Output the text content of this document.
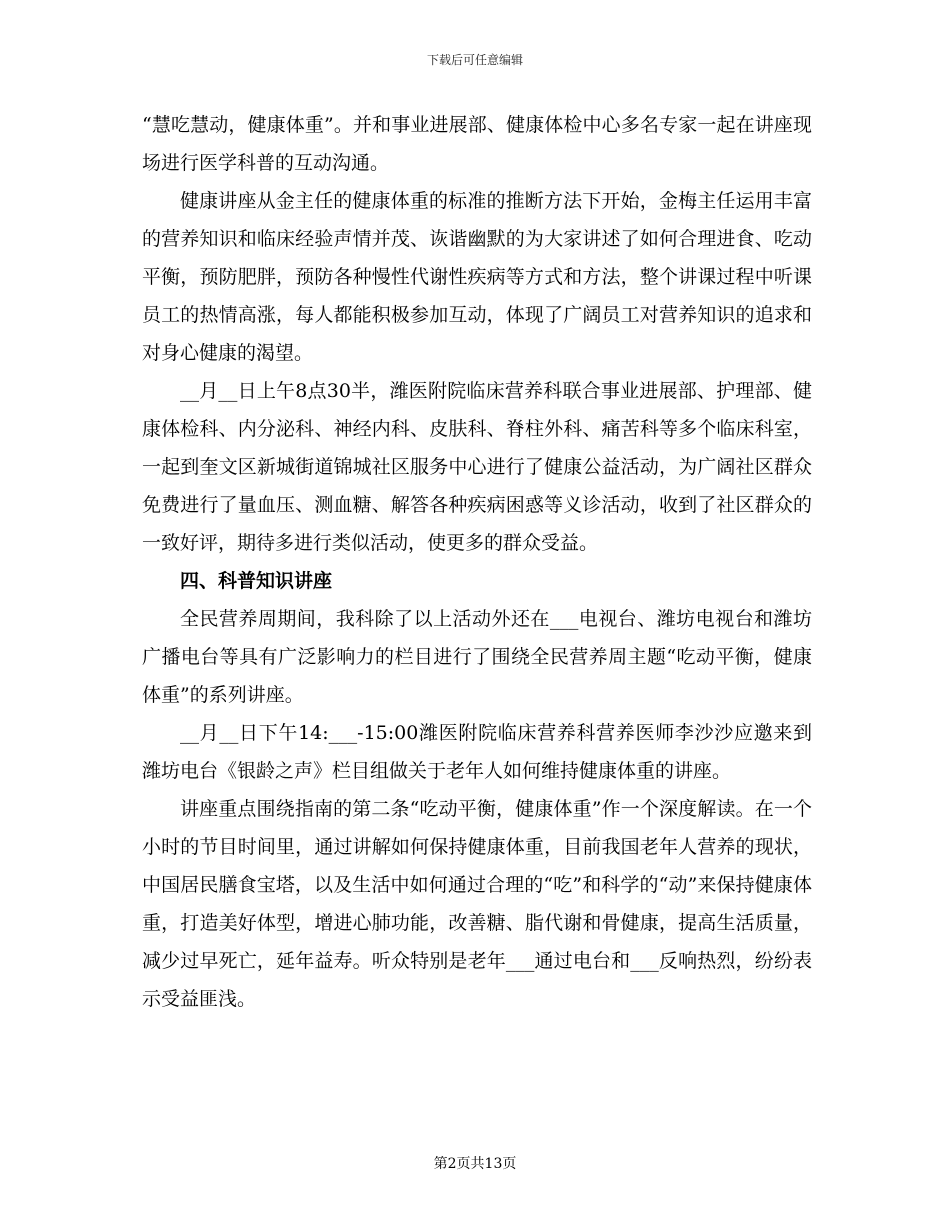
下载后可任意编辑

“慧吃慧动，健康体重”。并和事业进展部、健康体检中心多名专家一起在讲座现场进行医学科普的互动沟通。

健康讲座从金主任的健康体重的标准的推断方法下开始，金梅主任运用丰富的营养知识和临床经验声情并茂、诙谐幽默的为大家讲述了如何合理进食、吃动平衡，预防肥胖，预防各种慢性代谢性疾病等方式和方法，整个讲课过程中听课员工的热情高涨，每人都能积极参加互动，体现了广阔员工对营养知识的追求和对身心健康的渴望。

__月__日上午8点30半，潍医附院临床营养科联合事业进展部、护理部、健康体检科、内分泌科、神经内科、皮肤科、脊柱外科、痛苦科等多个临床科室，一起到奎文区新城街道锦城社区服务中心进行了健康公益活动，为广阔社区群众免费进行了量血压、测血糖、解答各种疾病困惑等义诊活动，收到了社区群众的一致好评，期待多进行类似活动，使更多的群众受益。

四、科普知识讲座

全民营养周期间，我科除了以上活动外还在___电视台、潍坊电视台和潍坊广播电台等具有广泛影响力的栏目进行了围绕全民营养周主题“吃动平衡，健康体重”的系列讲座。

__月__日下午14:___-15:00潍医附院临床营养科营养医师李沙沙应邀来到潍坊电台《银龄之声》栏目组做关于老年人如何维持健康体重的讲座。

讲座重点围绕指南的第二条“吃动平衡，健康体重”作一个深度解读。在一个小时的节目时间里，通过讲解如何保持健康体重，目前我国老年人营养的现状，中国居民膳食宝塔，以及生活中如何通过合理的“吃”和科学的“动”来保持健康体重，打造美好体型，增进心肺功能，改善糖、脂代谢和骨健康，提高生活质量，减少过早死亡，延年益寿。听众特别是老年___通过电台和___反响热烈，纷纷表示受益匪浅。

第2页共13页
